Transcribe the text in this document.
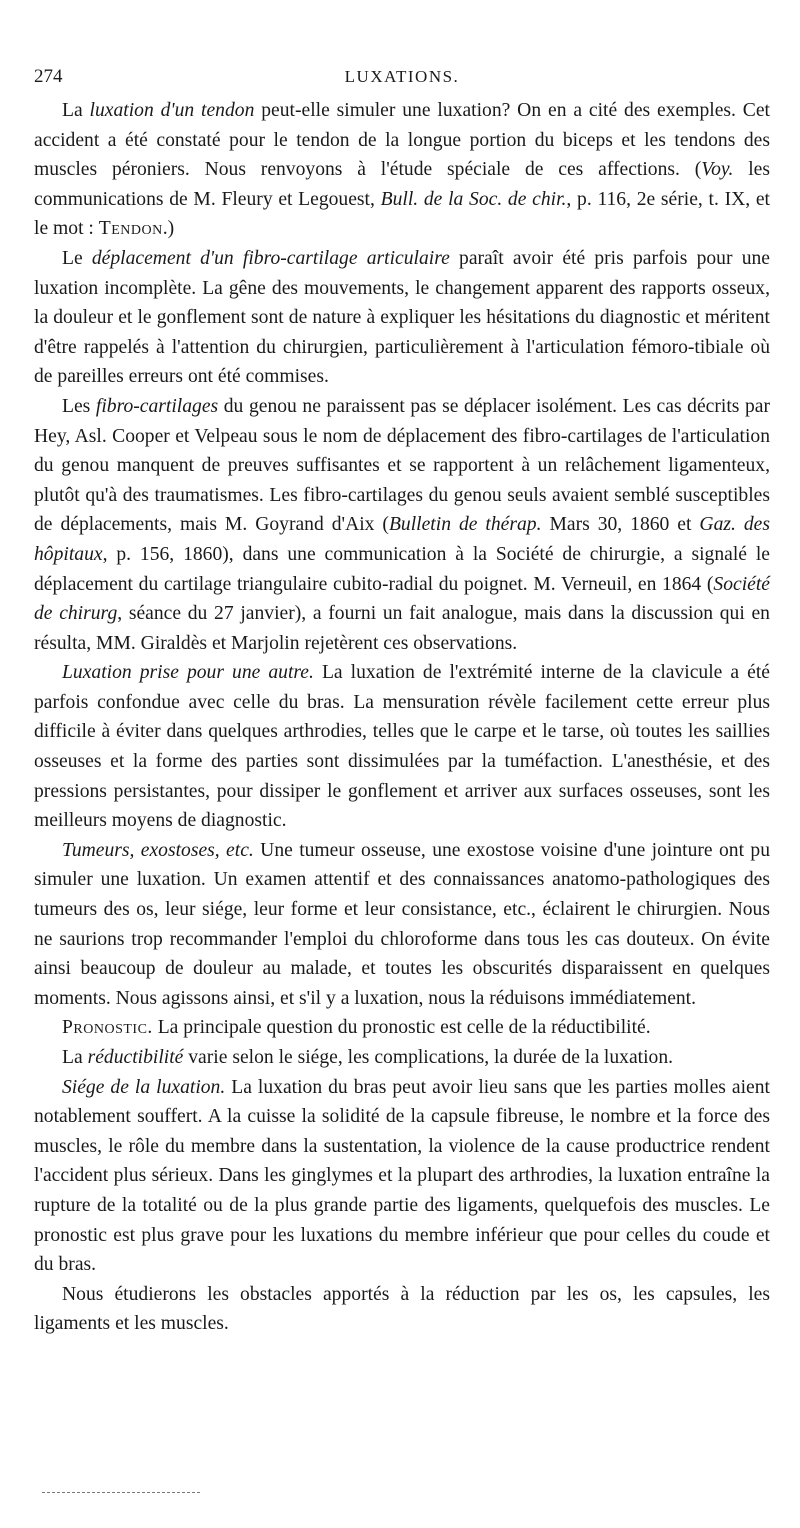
274	LUXATIONS.

La luxation d'un tendon peut-elle simuler une luxation? On en a cité des exemples. Cet accident a été constaté pour le tendon de la longue portion du biceps et les tendons des muscles péroniers. Nous renvoyons à l'étude spéciale de ces affections. (Voy. les communications de M. Fleury et Legouest, Bull. de la Soc. de chir., p. 116, 2e série, t. IX, et le mot : Tendon.)

Le déplacement d'un fibro-cartilage articulaire paraît avoir été pris parfois pour une luxation incomplète. La gêne des mouvements, le changement apparent des rapports osseux, la douleur et le gonflement sont de nature à expliquer les hésitations du diagnostic et méritent d'être rappelés à l'attention du chirurgien, particulièrement à l'articulation fémoro-tibiale où de pareilles erreurs ont été commises.

Les fibro-cartilages du genou ne paraissent pas se déplacer isolément. Les cas décrits par Hey, Asl. Cooper et Velpeau sous le nom de déplacement des fibro-cartilages de l'articulation du genou manquent de preuves suffisantes et se rapportent à un relâchement ligamenteux, plutôt qu'à des traumatismes. Les fibro-cartilages du genou seuls avaient semblé susceptibles de déplacements, mais M. Goyrand d'Aix (Bulletin de thérap. Mars 30, 1860 et Gaz. des hôpitaux, p. 156, 1860), dans une communication à la Société de chirurgie, a signalé le déplacement du cartilage triangulaire cubito-radial du poignet. M. Verneuil, en 1864 (Société de chirurg, séance du 27 janvier), a fourni un fait analogue, mais dans la discussion qui en résulta, MM. Giraldès et Marjolin rejetèrent ces observations.

Luxation prise pour une autre. La luxation de l'extrémité interne de la clavicule a été parfois confondue avec celle du bras. La mensuration révèle facilement cette erreur plus difficile à éviter dans quelques arthrodies, telles que le carpe et le tarse, où toutes les saillies osseuses et la forme des parties sont dissimulées par la tuméfaction. L'anesthésie, et des pressions persistantes, pour dissiper le gonflement et arriver aux surfaces osseuses, sont les meilleurs moyens de diagnostic.

Tumeurs, exostoses, etc. Une tumeur osseuse, une exostose voisine d'une jointure ont pu simuler une luxation. Un examen attentif et des connaissances anatomo-pathologiques des tumeurs des os, leur siége, leur forme et leur consistance, etc., éclairent le chirurgien. Nous ne saurions trop recommander l'emploi du chloroforme dans tous les cas douteux. On évite ainsi beaucoup de douleur au malade, et toutes les obscurités disparaissent en quelques moments. Nous agissons ainsi, et s'il y a luxation, nous la réduisons immédiatement.

Pronostic. La principale question du pronostic est celle de la réductibilité.

La réductibilité varie selon le siége, les complications, la durée de la luxation.

Siége de la luxation. La luxation du bras peut avoir lieu sans que les parties molles aient notablement souffert. A la cuisse la solidité de la capsule fibreuse, le nombre et la force des muscles, le rôle du membre dans la sustentation, la violence de la cause productrice rendent l'accident plus sérieux. Dans les ginglymes et la plupart des arthrodies, la luxation entraîne la rupture de la totalité ou de la plus grande partie des ligaments, quelquefois des muscles. Le pronostic est plus grave pour les luxations du membre inférieur que pour celles du coude et du bras.

Nous étudierons les obstacles apportés à la réduction par les os, les capsules, les ligaments et les muscles.
